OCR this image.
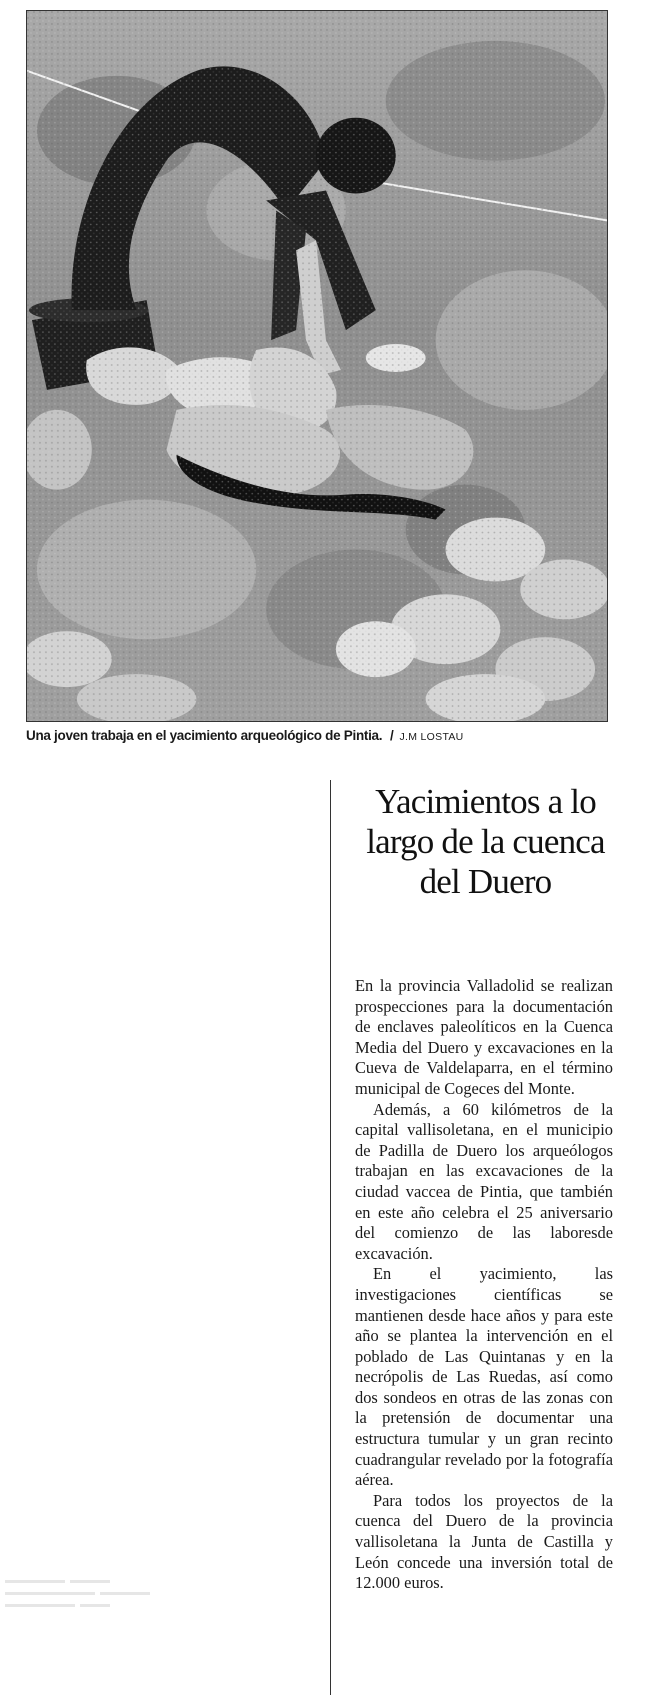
Una joven trabaja en el yacimiento arqueológico de Pintia. / J.M LOSTAU
Yacimientos a lo largo de la cuenca del Duero

En la provincia Valladolid se realizan prospecciones para la documentación de enclaves paleolíticos en la Cuenca Media del Duero y excavaciones en la Cueva de Valdelaparra, en el término municipal de Cogeces del Monte.

Además, a 60 kilómetros de la capital vallisoletana, en el municipio de Padilla de Duero los arqueólogos trabajan en las excavaciones de la ciudad vaccea de Pintia, que también en este año celebra el 25 aniversario del comienzo de las laboresde excavación.

En el yacimiento, las investigaciones científicas se mantienen desde hace años y para este año se plantea la intervención en el poblado de Las Quintanas y en la necrópolis de Las Ruedas, así como dos sondeos en otras de las zonas con la pretensión de documentar una estructura tumular y un gran recinto cuadrangular revelado por la fotografía aérea.

Para todos los proyectos de la cuenca del Duero de la provincia vallisoletana la Junta de Castilla y León concede una inversión total de 12.000 euros.
